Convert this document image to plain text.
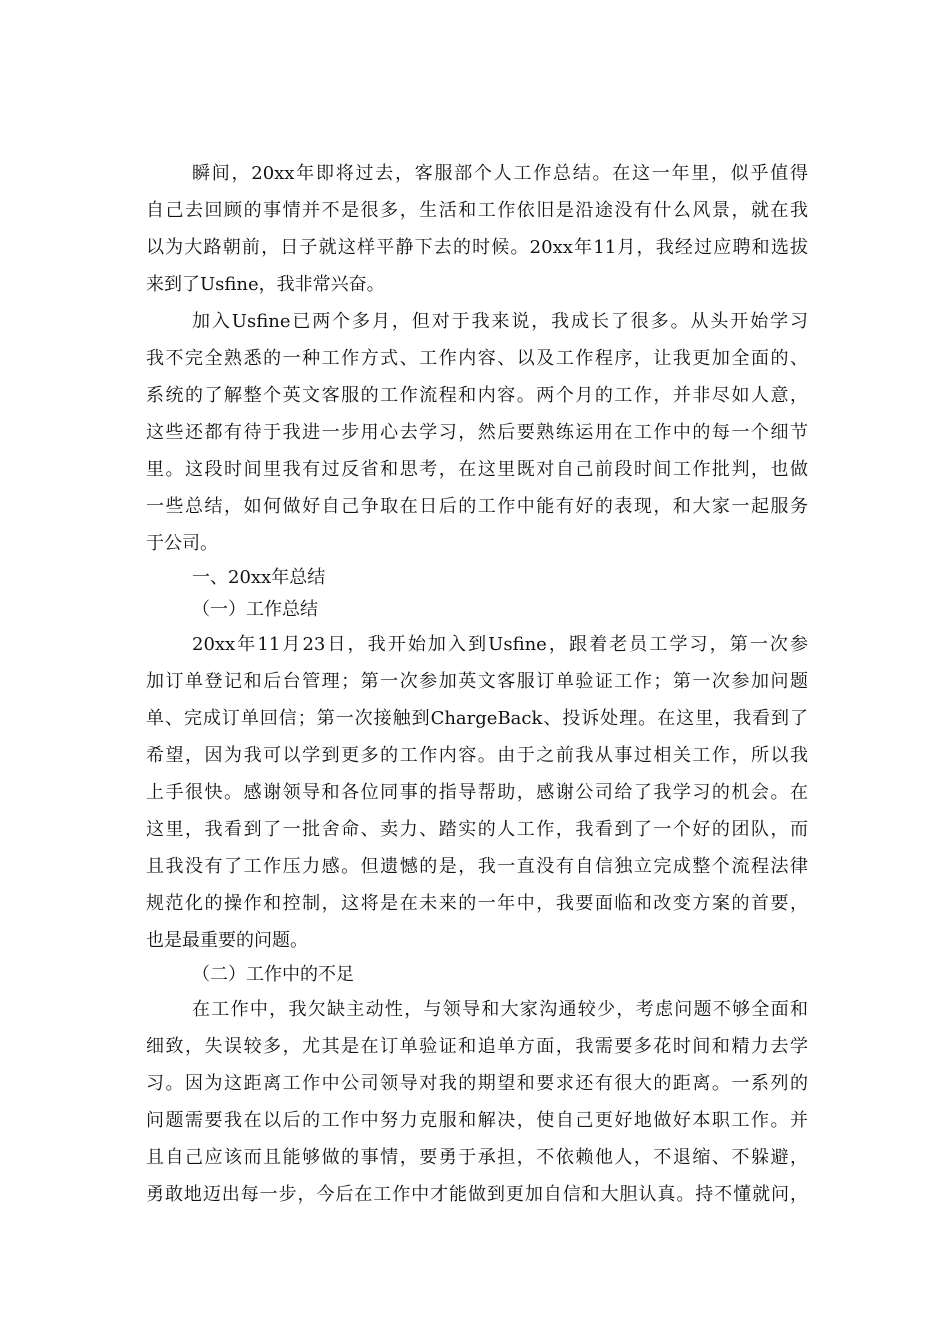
瞬间，20xx年即将过去，客服部个人工作总结。在这一年里，似乎值得
自己去回顾的事情并不是很多，生活和工作依旧是沿途没有什么风景，就在我
以为大路朝前，日子就这样平静下去的时候。20xx年11月，我经过应聘和选拔
来到了Usfine，我非常兴奋。
加入Usfine已两个多月，但对于我来说，我成长了很多。从头开始学习
我不完全熟悉的一种工作方式、工作内容、以及工作程序，让我更加全面的、
系统的了解整个英文客服的工作流程和内容。两个月的工作，并非尽如人意，
这些还都有待于我进一步用心去学习，然后要熟练运用在工作中的每一个细节
里。这段时间里我有过反省和思考，在这里既对自己前段时间工作批判，也做
一些总结，如何做好自己争取在日后的工作中能有好的表现，和大家一起服务
于公司。
一、20xx年总结
（一）工作总结
20xx年11月23日，我开始加入到Usfine，跟着老员工学习，第一次参
加订单登记和后台管理；第一次参加英文客服订单验证工作；第一次参加问题
单、完成订单回信；第一次接触到ChargeBack、投诉处理。在这里，我看到了
希望，因为我可以学到更多的工作内容。由于之前我从事过相关工作，所以我
上手很快。感谢领导和各位同事的指导帮助，感谢公司给了我学习的机会。在
这里，我看到了一批舍命、卖力、踏实的人工作，我看到了一个好的团队，而
且我没有了工作压力感。但遗憾的是，我一直没有自信独立完成整个流程法律
规范化的操作和控制，这将是在未来的一年中，我要面临和改变方案的首要，
也是最重要的问题。
（二）工作中的不足
在工作中，我欠缺主动性，与领导和大家沟通较少，考虑问题不够全面和
细致，失误较多，尤其是在订单验证和追单方面，我需要多花时间和精力去学
习。因为这距离工作中公司领导对我的期望和要求还有很大的距离。一系列的
问题需要我在以后的工作中努力克服和解决，使自己更好地做好本职工作。并
且自己应该而且能够做的事情，要勇于承担，不依赖他人，不退缩、不躲避，
勇敢地迈出每一步，今后在工作中才能做到更加自信和大胆认真。持不懂就问，
